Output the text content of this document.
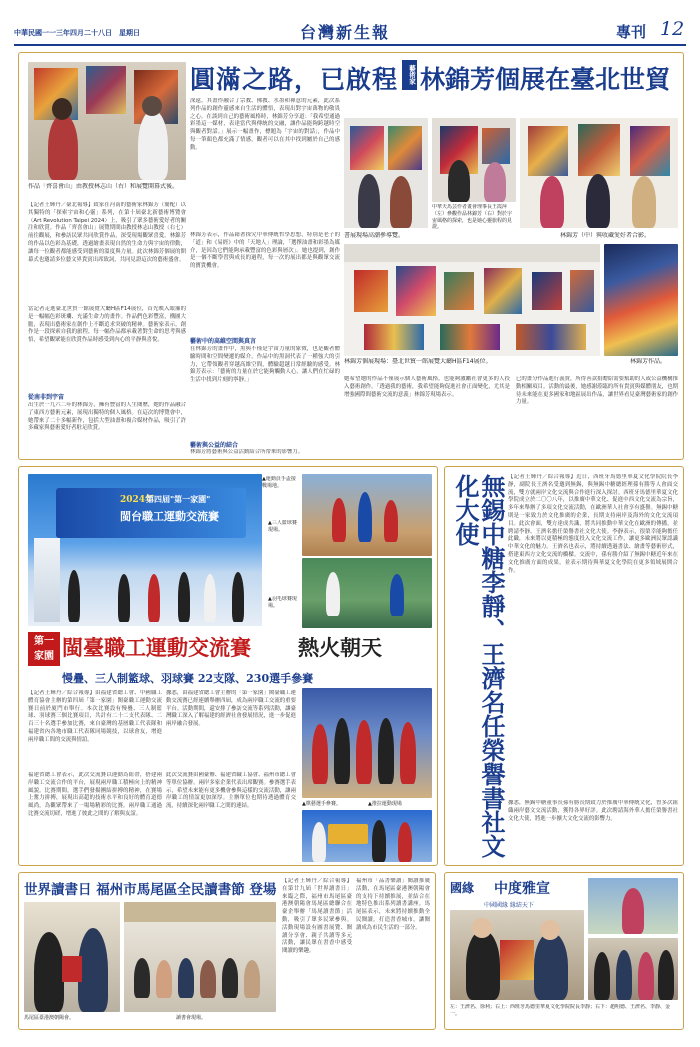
中華民國一一三年四月二十八日　星期日	台灣新生報	專刊 12
作品「齊喜會山」由教授林志山（右）和展覽開幕式後。
圓滿之路，已啟程	藝術家 林錦芳個展在臺北世貿
【記者王輝丹／臺北報導】致家在河南的藝術家林錦芳（簡配）以其獨特的「探索宇宙和心靈」系列，在第十屆臺北新藝術博覽會（Art Revolution Taipei 2024）上，吸引了眾多藝術愛好者的關注和欣賞。作品「齊喜會山」展覽期間由教授林志山教授（右七）前往觀展，和參訪民眾共同欣賞作品，深受現場觀眾喜愛。林錦芳的作品以色彩為基礎，透過繪畫表現自然的生命力與宇宙的律動，讓每一位觀者都能感受到藝術的溫度與力量。此次林錦芳個展的開幕式也邀請多位藝文界貴賓出席致詞，共同見證這次的藝術盛會。
當記者走進臺北世貿一館展覽大廳H區F14展位，首先映入眼簾的是一幅幅色彩斑斕、充滿生命力的畫作。作品們色彩豐富，構圖大膽，表現出藝術家在創作上不斷追求突破的精神。藝術家表示，創作是一段探索自我的旅程，每一幅作品都承載著對生命的思考與感悟，希望觀眾能在欣賞作品時感受到內心的平靜與喜悅。
從南非到宇宙
出生於一九六二年的林錦芳，擁有豐富的人生閱歷，她的作品融合了東西方藝術元素，展現出獨特的個人風格。在這次的博覽會中，她帶來了二十多幅新作，包括大型油畫和複合媒材作品，吸引了許多藏家與藝術愛好者駐足欣賞。
深遠，其畫作融合了宗教、佛教、水墨和禪意的元素，此次系列作品的創作靈感來自生活的體悟，表現出對宇宙萬物的敬畏之心。在談到自己的藝術風格時，林錦芳分享道：「我希望通過彩墨這一媒材，表達當代與傳統的交融，讓作品能夠跨越時空與觀者對話。」展示一幅畫作，標題為「宇宙的對話」，作品中每一筆顏色都充滿了情感，觀者可以在其中找到屬於自己的感動。
林錦芳表示，作品藉著探究中華傳統哲學思想，特別是老子的「道」和《易經》中的「天地人」理論，「選擇油畫和彩墨為媒介，是因為它們能夠承載豐富的色彩與層次」。她也提到，創作是一個不斷學習與成長的過程，每一次的展出都是與觀眾交流的寶貴機會。
藝術中的高維空間與真言
在林錦芳的畫作中，黑與不僅是宇宙力量的象徵，也是觀者體驗時間和空間變遷的媒介。作品中的黑洞代表了一種強大的引力，它帶領觀者穿越高維空間，體驗超越日常經驗的感受。林錦芳表示：「藝術的力量在於它能夠觸動人心，讓人們在忙碌的生活中找到片刻的寧靜。」
藝術與公益的結合
林錦芳將藝術與公益活動結合所帶來的影響力。
書展現場高潮參導覽。
中華天馬芸作者畫會理事長王霞萍（左）參觀作品林錦芳（右）對於宇宙風格的探索，也是她心靈旅程的見證。
林錦芳（中）與收藏愛好者合影。
林錦芳個展現場：臺北世貿一館展覽大廳H區F14展位。	林錦芳作品。
她希望她的作品不僅展示個人藝術風格，也能夠激勵社會更多的人投入藝術創作。「透過我的藝術，我希望能夠促進社會正面變化，尤其是增強國際間藝術交流的意義」林錦芳現場表示。
已的畫分作品進行義賣，所得善款捐贈給需要幫助的人或公益機構推動相關項目。活動的最後，她感謝蒞臨的所有貴賓與媒體朋友，也期待未來能在更多國家和地區展出作品，讓世界看見臺灣藝術家的創作力量。
2024年
第四屆"第一家園"
閩台職工運動交流賽
▲運動員手盃接戰場地。
▲三人籃球賽現場。
▲羽毛球賽現場。
第一
家園 閩臺職工運動交流賽 熱火朝天
慢疊、三人制籃球、羽球賽 22支隊、230選手參賽
【記者王輝丹／綜合報導】由福建省總工會、中國職工體育協會主辦的第四屆「第一家園」閩臺職工運動交流賽日前於廈門市舉行。本次比賽設有慢疊、三人制籃球、羽球賽三個比賽項目，共計有二十二支代表隊、二百三十名選手參加比賽，來自臺灣的基層職工代表隊和福建省內各地市職工代表隊同場競技，以球會友，增進兩岸職工間的交流與情誼。
福建省總工會表示，此次交流賽以運動為紐帶，搭建兩岸職工交流合作的平台，展現兩岸職工積極向上的精神風貌。比賽期間，選手們發揚團結拼搏的精神，在賽場上奮力拼搏，展現出高超的技術水平和良好的體育道德風尚，為觀眾帶來了一場場精彩的比賽。兩岸職工通過比賽交流切磋，增進了彼此之間的了解與友誼。
據悉，由福建省總工會主辦的「第一家園」閩臺職工運動交流賽已經連續舉辦四屆，成為兩岸職工交流的重要平台。活動期間，還安排了參訪交流等系列活動，讓臺灣職工深入了解福建的經濟社會發展情況，進一步促進兩岸融合發展。
此次交流賽由國臺辦、福建省職工協會、福州市總工會等單位協辦，兩岸多家企業代表出席觀賽。參賽選手表示，希望未來能有更多機會參與這樣的交流活動，讓兩岸職工的情誼更加深厚。主辦單位也期待透過體育交流，持續深化兩岸職工之間的連結。	▲棋藝選手參賽。	▲推拉運動現場	無錫中糖李靜、王濟名任榮譽書社文化大使	【記者王輝丹／綜合報導】近日，西班牙馬德里華夏文化學院院長李靜，副院長王濟名受邀到無錫，與無錫中糖總經理孫有勝等人會面交流，雙方就兩岸文化交流與合作進行深入探討。西班牙馬德里華夏文化學院成立於二〇〇八年，以推廣中華文化、促進中西文化交流為宗旨，多年來舉辦了多項文化交流活動，在歐洲華人社會享有盛譽。無錫中糖則是一家致力於文化推廣的企業，長期支持兩岸及海外的文化交流項目。此次會面，雙方達成共識，將共同推動中華文化在歐洲的傳播，並聘請李靜、王濟名擔任榮譽書社文化大使。李靜表示，很榮幸能夠擔任此職，未來將以更積極的態度投入文化交流工作，讓更多歐洲民眾認識中華文化的魅力。王濟名也表示，將持續透過書法、繪畫等藝術形式，搭建東西方文化交流的橋樑。交流中，孫有勝介紹了無錫中糖近年來在文化推廣方面的成果，並表示期待與華夏文化學院在更多領域展開合作。
據悉，無錫中糖董事長孫有勝長期致力於推廣中華傳統文化，曾多次組織兩岸藝文交流活動，獲得各界好評。此次聘請海外華人擔任榮譽書社文化大使，將進一步擴大文化交流的影響力。
世界讀書日 福州市馬尾區全民讀書節 登場
馬尾區臺港澳朝陽會。	讀書會現場。
【記者王輝丹／綜合報導】在第廿九屆「世界讀書日」來臨之際，福州市馬尾區臺港澳朝陽會馬尾區總聯合在臺企舉辦「馬尾讀書節」活動，吸引了眾多民眾參與。活動現場設有圖書展覽、閱讀分享會、親子共讀等多元活動，讓民眾在書香中感受閱讀的樂趣。
福州市「品書樂讀」閱讀推廣活動，在馬尾區臺港澳朝陽會的支持下持續推展，並結合在地特色推出系列讀書講座。馬尾區表示，未來將持續推動全民閱讀，打造書香城市，讓閱讀成為市民生活的一部分。
國緣 中度雅宣
中國國緣 緣結天下
左：王濟名、徐利；右上：西班牙馬德里華夏文化學院院長李靜；右下：趙明德、王濟名、李靜、金一。
